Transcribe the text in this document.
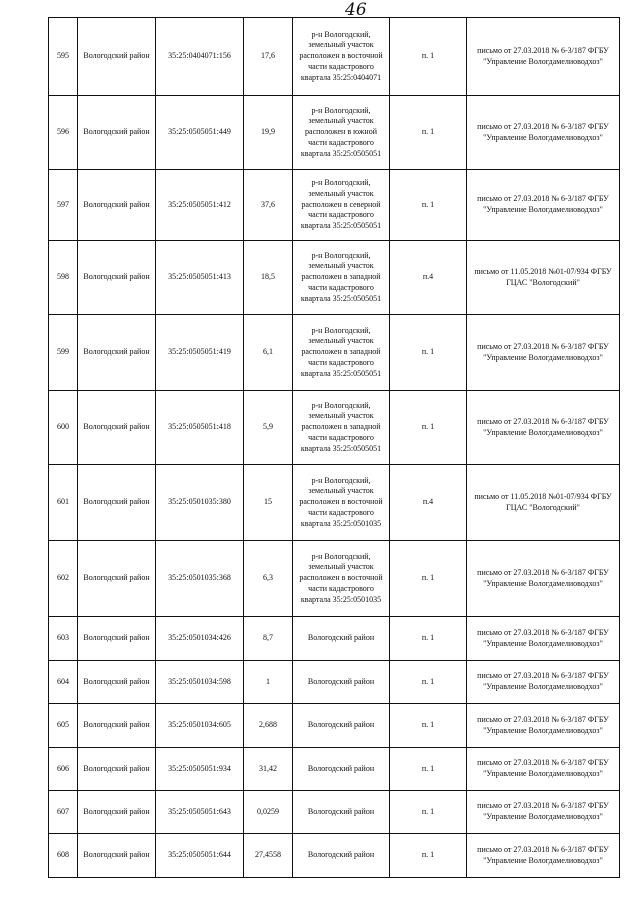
46
595	Вологодский район	35:25:0404071:156	17,6	р-н Вологодский, земельный участок расположен в восточной части кадастрового квартала 35:25:0404071	п. 1	письмо от 27.03.2018 № 6-3/187 ФГБУ "Управление Вологдамелиоводхоз"
596	Вологодский район	35:25:0505051:449	19,9	р-н Вологодский, земельный участок расположен в южной части кадастрового квартала 35:25:0505051	п. 1	письмо от 27.03.2018 № 6-3/187 ФГБУ "Управление Вологдамелиоводхоз"
597	Вологодский район	35:25:0505051:412	37,6	р-н Вологодский, земельный участок расположен в северной части кадастрового квартала 35:25:0505051	п. 1	письмо от 27.03.2018 № 6-3/187 ФГБУ "Управление Вологдамелиоводхоз"
598	Вологодский район	35:25:0505051:413	18,5	р-н Вологодский, земельный участок расположен в западной части кадастрового квартала 35:25:0505051	п.4	письмо от 11.05.2018 №01-07/934 ФГБУ ГЦАС "Вологодский"
599	Вологодский район	35:25:0505051:419	6,1	р-н Вологодский, земельный участок расположен в западной части кадастрового квартала 35:25:0505051	п. 1	письмо от 27.03.2018 № 6-3/187 ФГБУ "Управление Вологдамелиоводхоз"
600	Вологодский район	35:25:0505051:418	5,9	р-н Вологодский, земельный участок расположен в западной части кадастрового квартала 35:25:0505051	п. 1	письмо от 27.03.2018 № 6-3/187 ФГБУ "Управление Вологдамелиоводхоз"
601	Вологодский район	35:25:0501035:380	15	р-н Вологодский, земельный участок расположен в восточной части кадастрового квартала 35:25:0501035	п.4	письмо от 11.05.2018 №01-07/934 ФГБУ ГЦАС "Вологодский"
602	Вологодский район	35:25:0501035:368	6,3	р-н Вологодский, земельный участок расположен в восточной части кадастрового квартала 35:25:0501035	п. 1	письмо от 27.03.2018 № 6-3/187 ФГБУ "Управление Вологдамелиоводхоз"
603	Вологодский район	35:25:0501034:426	8,7	Вологодский район	п. 1	письмо от 27.03.2018 № 6-3/187 ФГБУ "Управление Вологдамелиоводхоз"
604	Вологодский район	35:25:0501034:598	1	Вологодский район	п. 1	письмо от 27.03.2018 № 6-3/187 ФГБУ "Управление Вологдамелиоводхоз"
605	Вологодский район	35:25:0501034:605	2,688	Вологодский район	п. 1	письмо от 27.03.2018 № 6-3/187 ФГБУ "Управление Вологдамелиоводхоз"
606	Вологодский район	35:25:0505051:934	31,42	Вологодский район	п. 1	письмо от 27.03.2018 № 6-3/187 ФГБУ "Управление Вологдамелиоводхоз"
607	Вологодский район	35:25:0505051:643	0,0259	Вологодский район	п. 1	письмо от 27.03.2018 № 6-3/187 ФГБУ "Управление Вологдамелиоводхоз"
608	Вологодский район	35:25:0505051:644	27,4558	Вологодский район	п. 1	письмо от 27.03.2018 № 6-3/187 ФГБУ "Управление Вологдамелиоводхоз"
